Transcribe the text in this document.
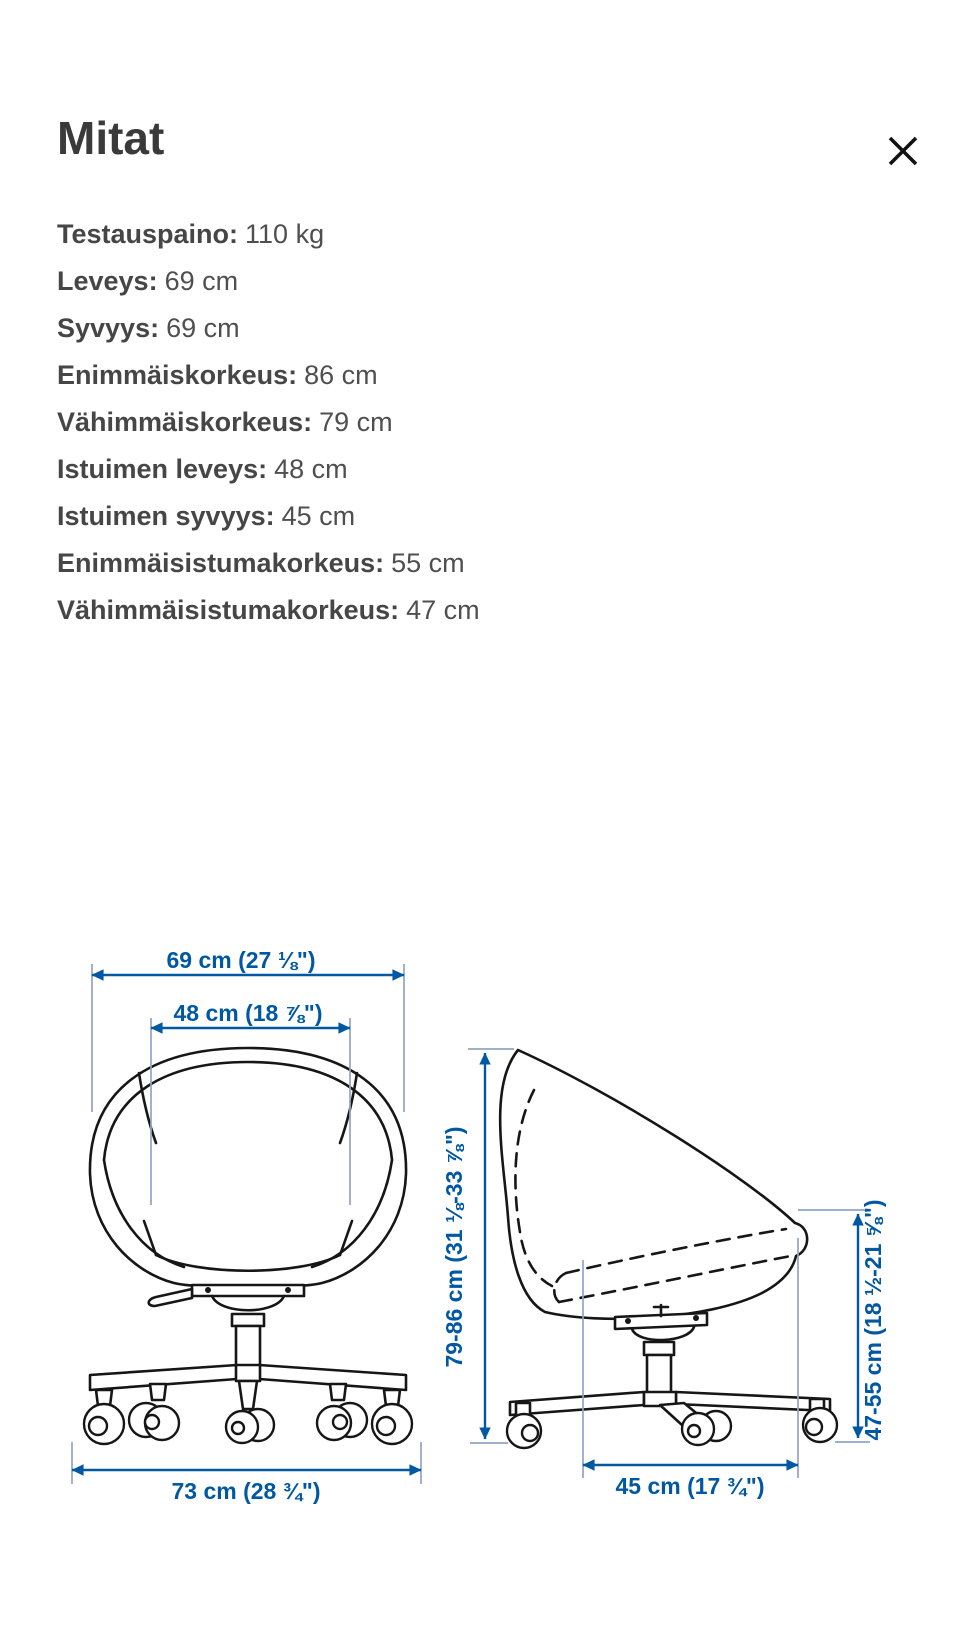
Mitat
Testauspaino: 110 kg
Leveys: 69 cm
Syvyys: 69 cm
Enimmäiskorkeus: 86 cm
Vähimmäiskorkeus: 79 cm
Istuimen leveys: 48 cm
Istuimen syvyys: 45 cm
Enimmäisistumakorkeus: 55 cm
Vähimmäisistumakorkeus: 47 cm
69 cm (27 ⅛")
48 cm (18 ⅞")
73 cm (28 ¾")
79-86 cm (31 ⅛-33 ⅞")	47-55 cm (18 ½-21 ⅝")
45 cm (17 ¾")
